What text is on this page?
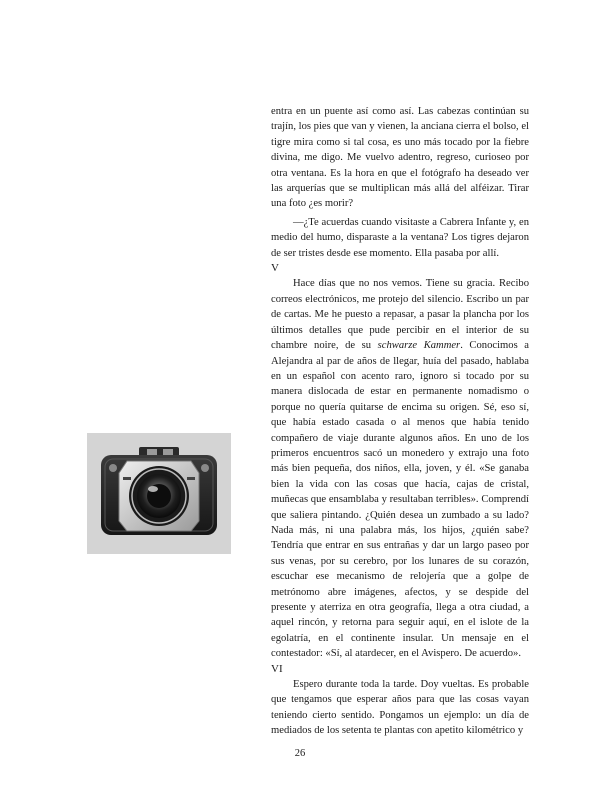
entra en un puente así como así. Las cabezas continúan su trajín, los pies que van y vienen, la anciana cierra el bolso, el tigre mira como si tal cosa, es uno más tocado por la fiebre divina, me digo. Me vuelvo adentro, regreso, curioseo por otra ventana. Es la hora en que el fotógrafo ha deseado ver las arquerías que se multiplican más allá del alféizar. Tirar una foto ¿es morir?

—¿Te acuerdas cuando visitaste a Cabrera Infante y, en medio del humo, disparaste a la ventana? Los tigres dejaron de ser tristes desde ese momento. Ella pasaba por allí.

V

Hace días que no nos vemos. Tiene su gracia. Recibo correos electrónicos, me protejo del silencio. Escribo un par de cartas. Me he puesto a repasar, a pasar la plancha por los últimos detalles que pude percibir en el interior de su chambre noire, de su schwarze Kammer. Conocimos a Alejandra al par de años de llegar, huía del pasado, hablaba en un español con acento raro, ignoro si tocado por su manera dislocada de estar en permanente nomadismo o porque no quería quitarse de encima su origen. Sé, eso sí, que había estado casada o al menos que había tenido compañero de viaje durante algunos años. En uno de los primeros encuentros sacó un monedero y extrajo una foto más bien pequeña, dos niños, ella, joven, y él. «Se ganaba bien la vida con las cosas que hacía, cajas de cristal, muñecas que ensamblaba y resultaban terribles». Comprendí que saliera pintando. ¿Quién desea un zumbado a su lado? Nada más, ni una palabra más, los hijos, ¿quién sabe? Tendría que entrar en sus entrañas y dar un largo paseo por sus venas, por su cerebro, por los lunares de su corazón, escuchar ese mecanismo de relojería que a golpe de metrónomo abre imágenes, afectos, y se despide del presente y aterriza en otra geografía, llega a otra ciudad, a aquel rincón, y retorna para seguir aquí, en el islote de la egolatría, en el continente insular. Un mensaje en el contestador: «Sí, al atardecer, en el Avispero. De acuerdo».

VI

Espero durante toda la tarde. Doy vueltas. Es probable que tengamos que esperar años para que las cosas vayan teniendo cierto sentido. Pongamos un ejemplo: un día de mediados de los setenta te plantas con apetito kilométrico y

26
